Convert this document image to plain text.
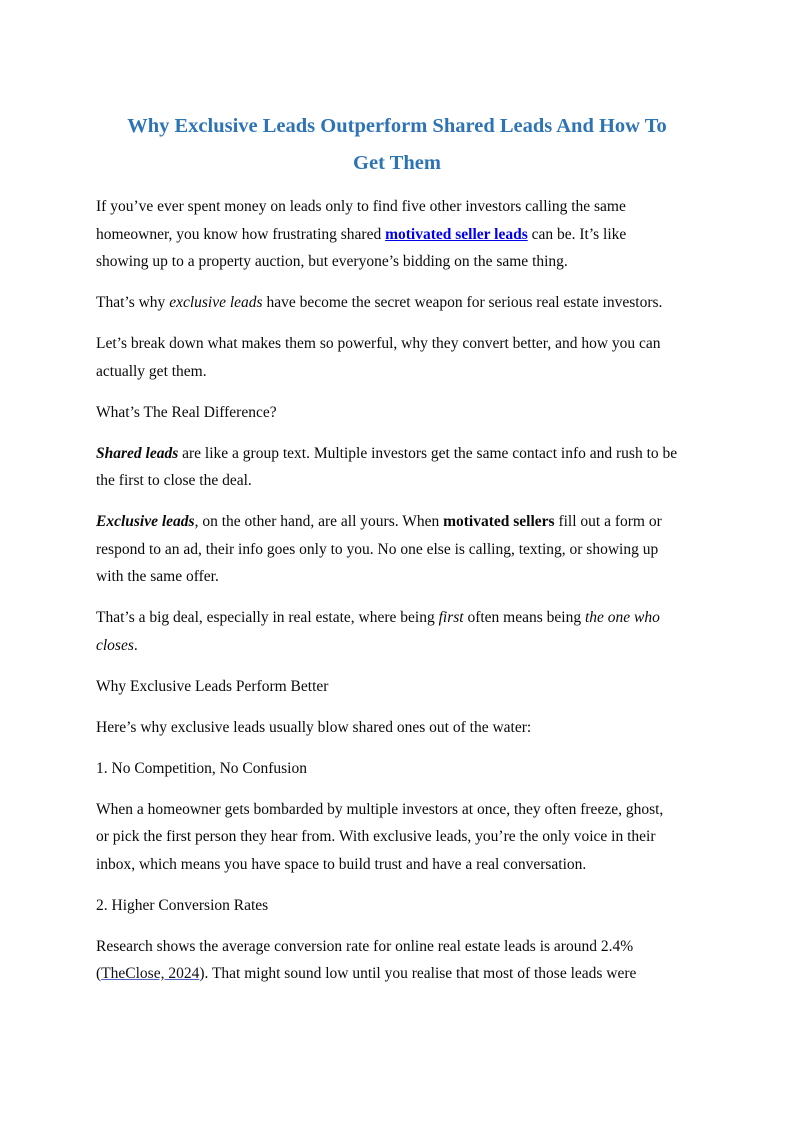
Why Exclusive Leads Outperform Shared Leads And How To
Get Them
If you’ve ever spent money on leads only to find five other investors calling the same
homeowner, you know how frustrating shared motivated seller leads can be. It’s like
showing up to a property auction, but everyone’s bidding on the same thing.
That’s why exclusive leads have become the secret weapon for serious real estate investors.
Let’s break down what makes them so powerful, why they convert better, and how you can
actually get them.
What’s The Real Difference?
Shared leads are like a group text. Multiple investors get the same contact info and rush to be
the first to close the deal.
Exclusive leads, on the other hand, are all yours. When motivated sellers fill out a form or
respond to an ad, their info goes only to you. No one else is calling, texting, or showing up
with the same offer.
That’s a big deal, especially in real estate, where being first often means being the one who
closes.
Why Exclusive Leads Perform Better
Here’s why exclusive leads usually blow shared ones out of the water:
1. No Competition, No Confusion
When a homeowner gets bombarded by multiple investors at once, they often freeze, ghost,
or pick the first person they hear from. With exclusive leads, you’re the only voice in their
inbox, which means you have space to build trust and have a real conversation.
2. Higher Conversion Rates
Research shows the average conversion rate for online real estate leads is around 2.4%
(TheClose, 2024). That might sound low until you realise that most of those leads were
